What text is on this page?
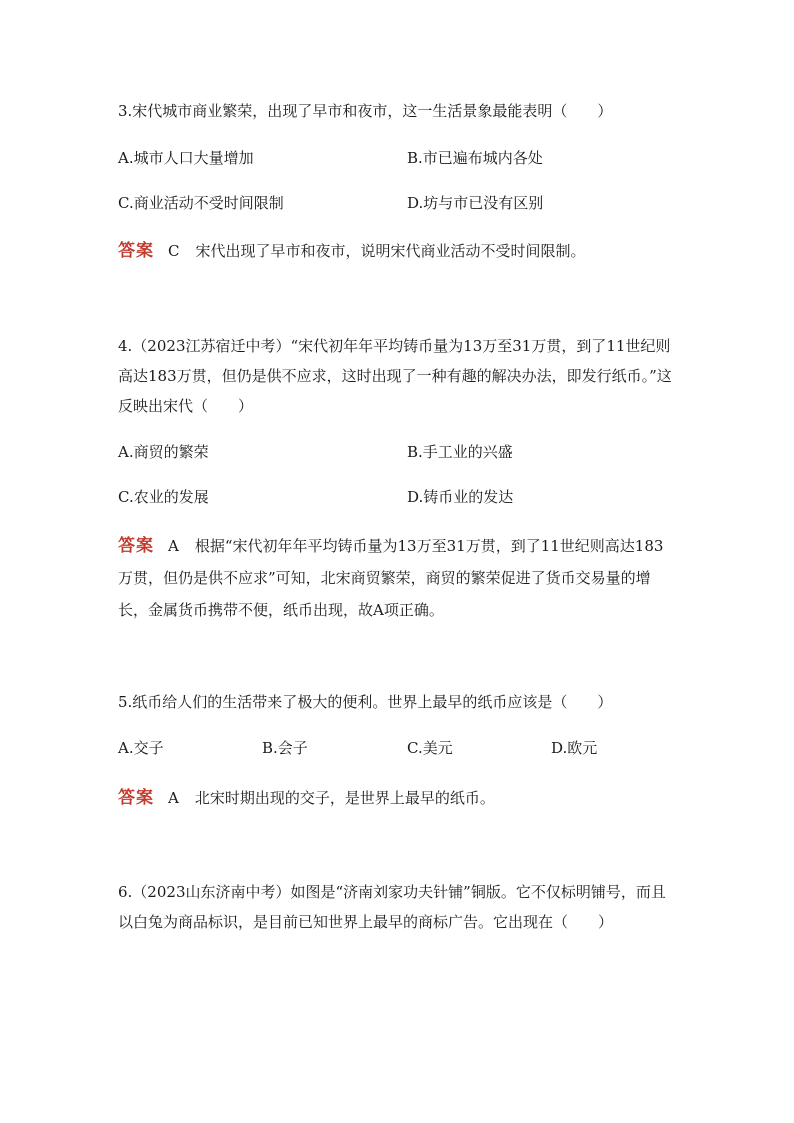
3.宋代城市商业繁荣，出现了早市和夜市，这一生活景象最能表明（　　）
A.城市人口大量增加	B.市已遍布城内各处
C.商业活动不受时间限制	D.坊与市已没有区别
答案 C 宋代出现了早市和夜市，说明宋代商业活动不受时间限制。
4.（2023江苏宿迁中考）“宋代初年年平均铸币量为13万至31万贯，到了11世纪则高达183万贯，但仍是供不应求，这时出现了一种有趣的解决办法，即发行纸币。”这反映出宋代（　　）
A.商贸的繁荣	B.手工业的兴盛
C.农业的发展	D.铸币业的发达
答案 A 根据“宋代初年年平均铸币量为13万至31万贯，到了11世纪则高达183万贯，但仍是供不应求”可知，北宋商贸繁荣，商贸的繁荣促进了货币交易量的增长，金属货币携带不便，纸币出现，故A项正确。
5.纸币给人们的生活带来了极大的便利。世界上最早的纸币应该是（　　）
A.交子	B.会子	C.美元	D.欧元
答案 A 北宋时期出现的交子，是世界上最早的纸币。
6.（2023山东济南中考）如图是“济南刘家功夫针铺”铜版。它不仅标明铺号，而且以白兔为商品标识，是目前已知世界上最早的商标广告。它出现在（　　）
